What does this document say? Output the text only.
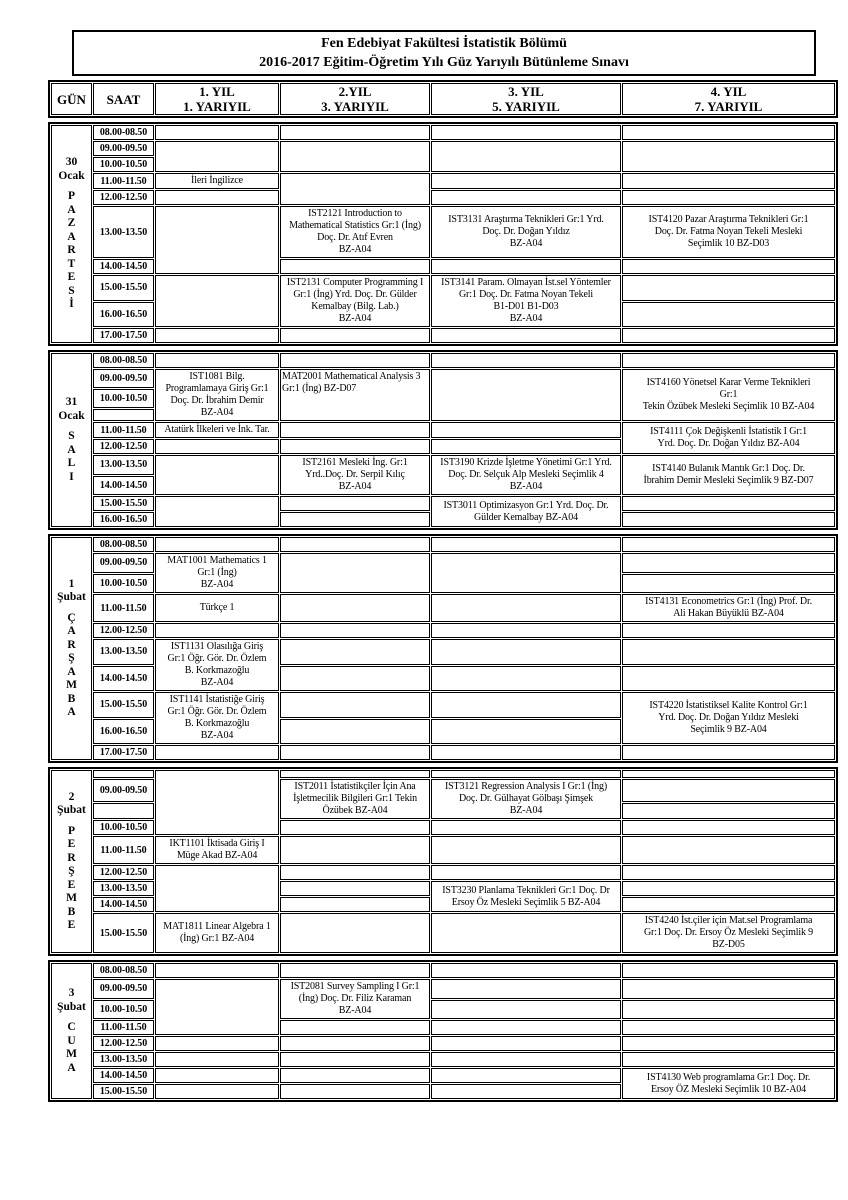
Fen Edebiyat Fakültesi İstatistik Bölümü
2016-2017 Eğitim-Öğretim Yılı Güz Yarıyılı Bütünleme Sınavı
GÜN	SAAT	1. YIL
1. YARIYIL
2.YIL
3. YARIYIL
3. YIL
5. YARIYIL
4. YIL
7. YARIYIL
30
Ocak
P
A
Z
A
R
T
E
S
İ
08.00-08.50
09.00-09.50
10.00-10.50
11.00-11.50
12.00-12.50
13.00-13.50
14.00-14.50
15.00-15.50
16.00-16.50
17.00-17.50
İleri İngilizce
IST2121 Introduction to
Mathematical Statistics Gr:1 (İng)
Doç. Dr. Atıf Evren
BZ-A04
IST2131 Computer Programming I
Gr:1 (İng) Yrd. Doç. Dr. Gülder
Kemalbay (Bilg. Lab.)
BZ-A04
IST3131 Araştırma Teknikleri Gr:1 Yrd.
Doç. Dr. Doğan Yıldız
BZ-A04
IST3141 Param. Olmayan İst.sel Yöntemler
Gr:1 Doç. Dr. Fatma Noyan Tekeli
B1-D01 B1-D03
BZ-A04
IST4120 Pazar Araştırma Teknikleri Gr:1
Doç. Dr. Fatma Noyan Tekeli Mesleki
Seçimlik 10 BZ-D03
31
Ocak
S
A
L
I
08.00-08.50
09.00-09.50
10.00-10.50
11.00-11.50
12.00-12.50
13.00-13.50
14.00-14.50
15.00-15.50
16.00-16.50
IST1081 Bilg.
Programlamaya Giriş Gr:1
Doç. Dr. İbrahim Demir
BZ-A04
Atatürk İlkeleri ve İnk. Tar.
MAT2001 Mathematical Analysis 3
Gr:1 (İng) BZ-D07
IST2161 Mesleki İng. Gr:1
Yrd..Doç. Dr. Serpil Kılıç
BZ-A04
IST3190 Krizde İşletme Yönetimi Gr:1 Yrd.
Doç. Dr. Selçuk Alp Mesleki Seçimlik 4
BZ-A04
IST3011 Optimizasyon Gr:1 Yrd. Doç. Dr.
Gülder Kemalbay BZ-A04
IST4160 Yönetsel Karar Verme Teknikleri
Gr:1
Tekin Özübek Mesleki Seçimlik 10 BZ-A04
IST4111 Çok Değişkenli İstatistik I Gr:1
Yrd. Doç. Dr. Doğan Yıldız BZ-A04
IST4140 Bulanık Mantık Gr:1 Doç. Dr.
İbrahim Demir Mesleki Seçimlik 9 BZ-D07
1
Şubat
Ç
A
R
Ş
A
M
B
A
08.00-08.50
09.00-09.50
10.00-10.50
11.00-11.50
12.00-12.50
13.00-13.50
14.00-14.50
15.00-15.50
16.00-16.50
17.00-17.50
MAT1001 Mathematics 1
Gr:1 (İng)
BZ-A04
Türkçe 1
IST1131 Olasılığa Giriş
Gr:1 Öğr. Gör. Dr. Özlem
B. Korkmazoğlu
BZ-A04
IST1141 İstatistiğe Giriş
Gr:1 Öğr. Gör. Dr. Özlem
B. Korkmazoğlu
BZ-A04
IST4131 Econometrics Gr:1 (İng) Prof. Dr.
Ali Hakan Büyüklü BZ-A04
IST4220 İstatistiksel Kalite Kontrol Gr:1
Yrd. Doç. Dr. Doğan Yıldız Mesleki
Seçimlik 9 BZ-A04
2
Şubat
P
E
R
Ş
E
M
B
E
09.00-09.50
10.00-10.50
11.00-11.50
12.00-12.50
13.00-13.50
14.00-14.50
15.00-15.50
IKT1101 İktisada Giriş I
Müge Akad BZ-A04
MAT1811 Linear Algebra 1
(İng) Gr:1 BZ-A04
IST2011 İstatistikçiler İçin Ana
İşletmecilik Bilgileri Gr:1 Tekin
Özübek BZ-A04
IST3121 Regression Analysis I Gr:1 (İng)
Doç. Dr. Gülhayat Gölbaşı Şimşek
BZ-A04
IST3230 Planlama Teknikleri Gr:1 Doç. Dr
Ersoy Öz Mesleki Seçimlik 5 BZ-A04
IST4240 İst.çiler için Mat.sel Programlama
Gr:1 Doç. Dr. Ersoy Öz Mesleki Seçimlik 9
BZ-D05
3
Şubat
C
U
M
A
08.00-08.50
09.00-09.50
10.00-10.50
11.00-11.50
12.00-12.50
13.00-13.50
14.00-14.50
15.00-15.50
IST2081 Survey Sampling I Gr:1
(İng) Doç. Dr. Filiz Karaman
BZ-A04
IST4130 Web programlama Gr:1 Doç. Dr.
Ersoy ÖZ Mesleki Seçimlik 10 BZ-A04
